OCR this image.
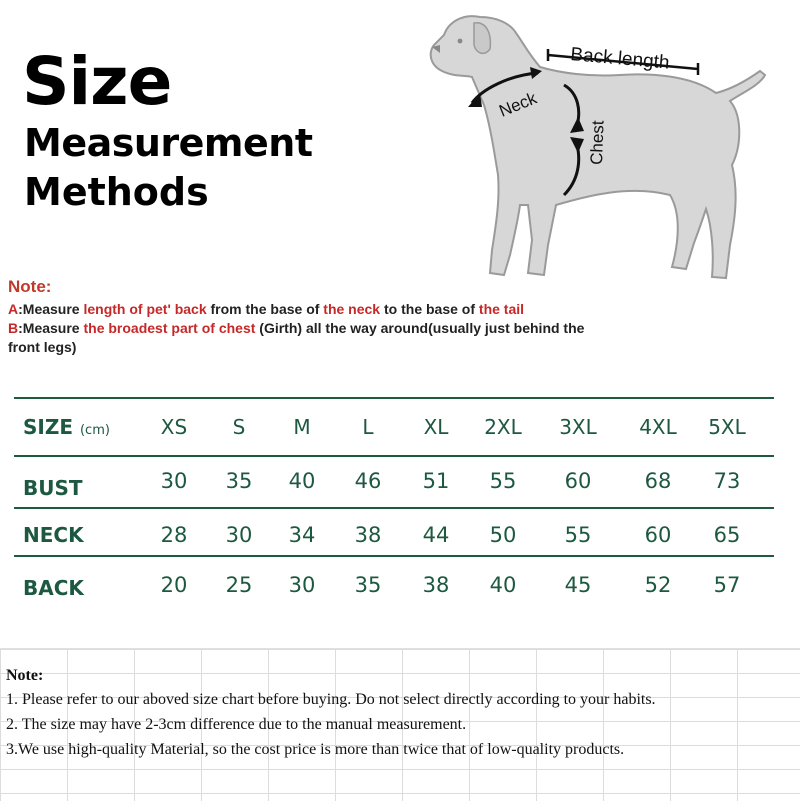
Size
Measurement
Methods
Back length
Neck
Chest
Note:
A:Measure length of pet' back from the base of the neck to the base of the tail
B:Measure the broadest part of chest (Girth) all the way around(usually just behind the front legs)
SIZE (cm)	XS	S	M	L	XL	2XL	3XL	4XL	5XL
BUST	30	35	40	46	51	55	60	68	73
NECK	28	30	34	38	44	50	55	60	65
BACK	20	25	30	35	38	40	45	52	57
Note:
1. Please refer to our aboved size chart before buying. Do not select directly according to your habits.
2. The size may have 2-3cm difference due to the manual measurement.
3.We use high-quality Material, so the cost price is more than twice that of low-quality products.
